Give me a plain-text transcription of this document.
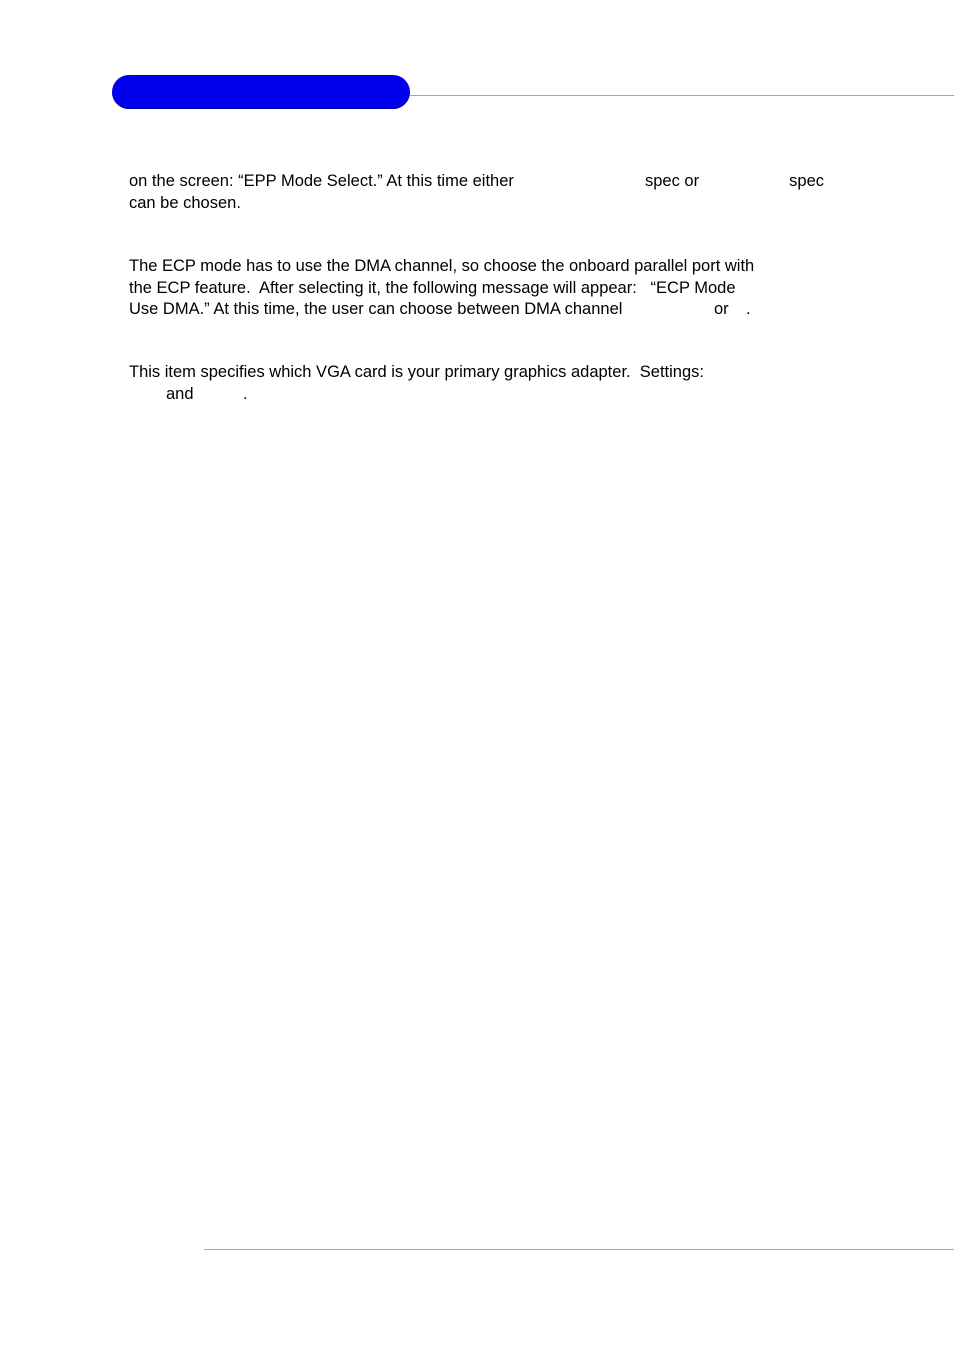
on the screen: “EPP Mode Select.” At this time either

	spec or

	spec

can be chosen.
The ECP mode has to use the DMA channel, so choose the onboard parallel port with
the ECP feature.  After selecting it, the following message will appear:   “ECP Mode

Use DMA.” At this time, the user can choose between DMA channel

	or

.

This item specifies which VGA card is your primary graphics adapter.  Settings:

and

	.
